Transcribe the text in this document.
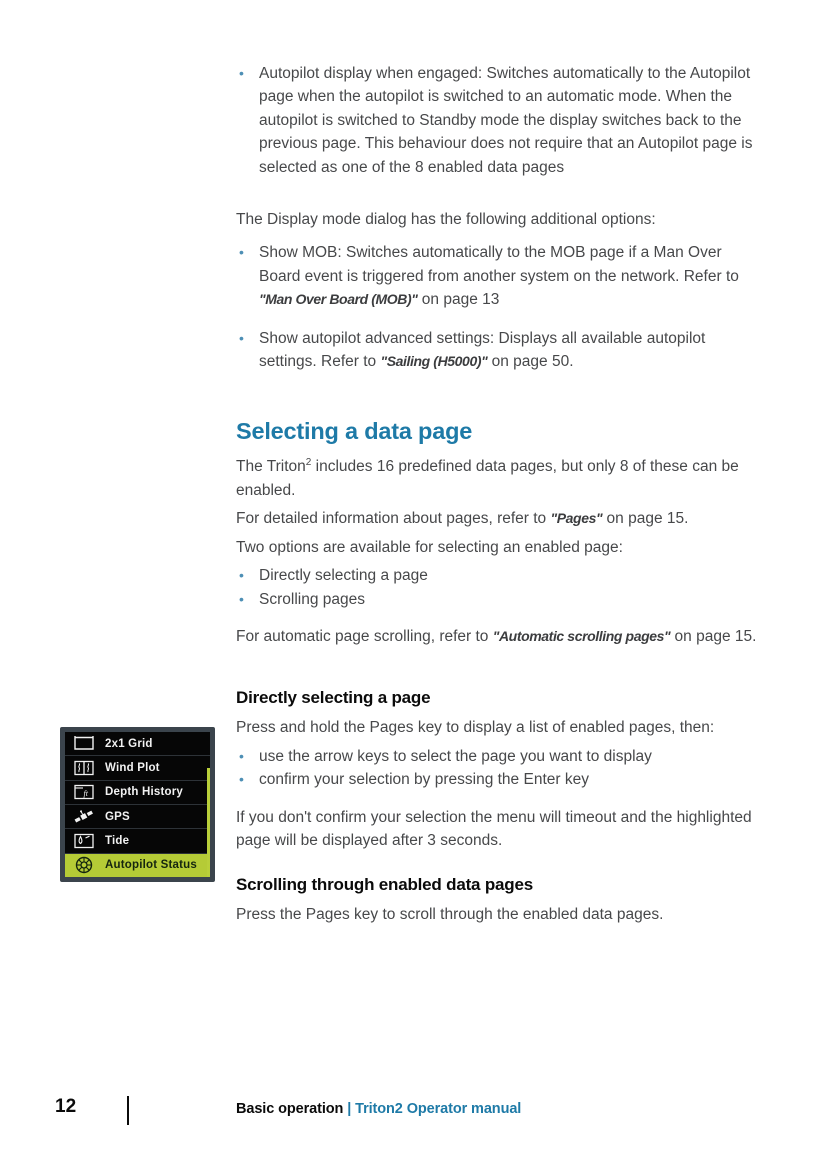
• Autopilot display when engaged: Switches automatically to the Autopilot page when the autopilot is switched to an automatic mode. When the autopilot is switched to Standby mode the display switches back to the previous page. This behaviour does not require that an Autopilot page is selected as one of the 8 enabled data pages

The Display mode dialog has the following additional options:

• Show MOB: Switches automatically to the MOB page if a Man Over Board event is triggered from another system on the network. Refer to "Man Over Board (MOB)" on page 13
• Show autopilot advanced settings: Displays all available autopilot settings. Refer to "Sailing (H5000)" on page 50.
Selecting a data page

The Triton$^2$ includes 16 predefined data pages, but only 8 of these can be enabled.

For detailed information about pages, refer to "Pages" on page 15.

Two options are available for selecting an enabled page:

• Directly selecting a page
• Scrolling pages

For automatic page scrolling, refer to "Automatic scrolling pages" on page 15.

Directly selecting a page

Press and hold the Pages key to display a list of enabled pages, then:

• use the arrow keys to select the page you want to display
• confirm your selection by pressing the Enter key

If you don't confirm your selection the menu will timeout and the highlighted page will be displayed after 3 seconds.

Scrolling through enabled data pages

Press the Pages key to scroll through the enabled data pages.

2x1 Grid
Wind Plot
ft Depth History
GPS
Tide
Autopilot Status
12	Basic operation | Triton2 Operator manual
